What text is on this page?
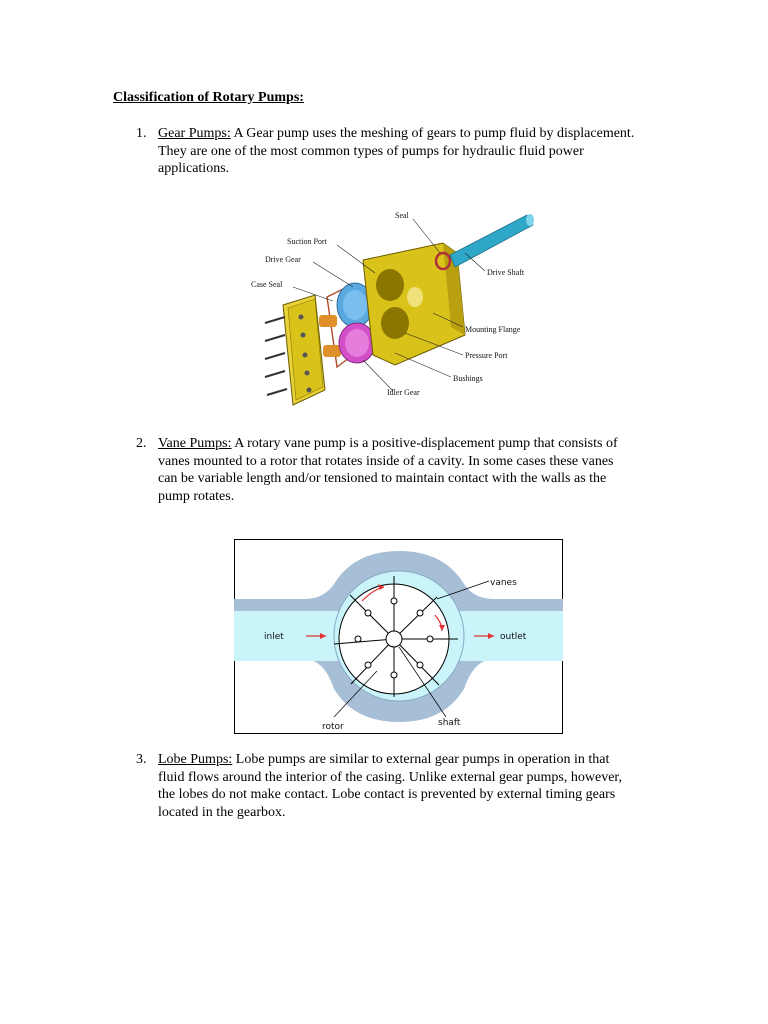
Classification of Rotary Pumps:
1. Gear Pumps: A Gear pump uses the meshing of gears to pump fluid by displacement. They are one of the most common types of pumps for hydraulic fluid power applications.
Seal
Suction Port
Drive Gear
Case Seal
Drive Shaft
Mounting Flange
Pressure Port
Bushings
Idler Gear
2. Vane Pumps: A rotary vane pump is a positive-displacement pump that consists of vanes mounted to a rotor that rotates inside of a cavity. In some cases these vanes can be variable length and/or tensioned to maintain contact with the walls as the pump rotates.
vanes
inlet	outlet
rotor	shaft
3. Lobe Pumps: Lobe pumps are similar to external gear pumps in operation in that fluid flows around the interior of the casing. Unlike external gear pumps, however, the lobes do not make contact. Lobe contact is prevented by external timing gears located in the gearbox.
